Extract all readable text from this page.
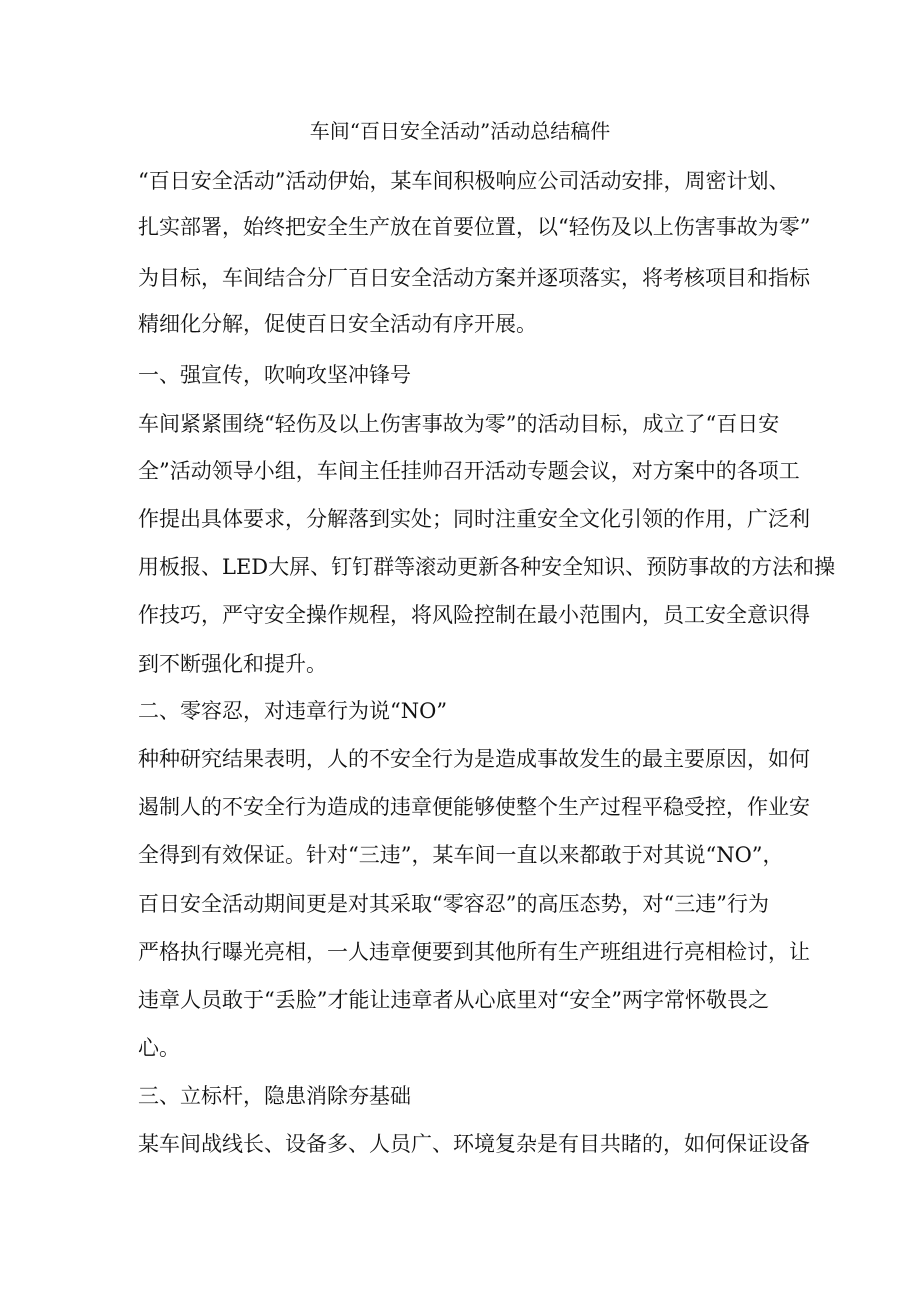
车间“百日安全活动”活动总结稿件

“百日安全活动”活动伊始，某车间积极响应公司活动安排，周密计划、

扎实部署，始终把安全生产放在首要位置，以“轻伤及以上伤害事故为零”

为目标，车间结合分厂百日安全活动方案并逐项落实，将考核项目和指标

精细化分解，促使百日安全活动有序开展。

一、强宣传，吹响攻坚冲锋号

车间紧紧围绕“轻伤及以上伤害事故为零”的活动目标，成立了“百日安

全”活动领导小组，车间主任挂帅召开活动专题会议，对方案中的各项工

作提出具体要求，分解落到实处；同时注重安全文化引领的作用，广泛利

用板报、LED大屏、钉钉群等滚动更新各种安全知识、预防事故的方法和操

作技巧，严守安全操作规程，将风险控制在最小范围内，员工安全意识得

到不断强化和提升。

二、零容忍，对违章行为说“NO”

种种研究结果表明，人的不安全行为是造成事故发生的最主要原因，如何

遏制人的不安全行为造成的违章便能够使整个生产过程平稳受控，作业安

全得到有效保证。针对“三违”，某车间一直以来都敢于对其说“NO”，

百日安全活动期间更是对其采取“零容忍”的高压态势，对“三违”行为

严格执行曝光亮相，一人违章便要到其他所有生产班组进行亮相检讨，让

违章人员敢于“丢脸”才能让违章者从心底里对“安全”两字常怀敬畏之

心。

三、立标杆，隐患消除夯基础

某车间战线长、设备多、人员广、环境复杂是有目共睹的，如何保证设备
